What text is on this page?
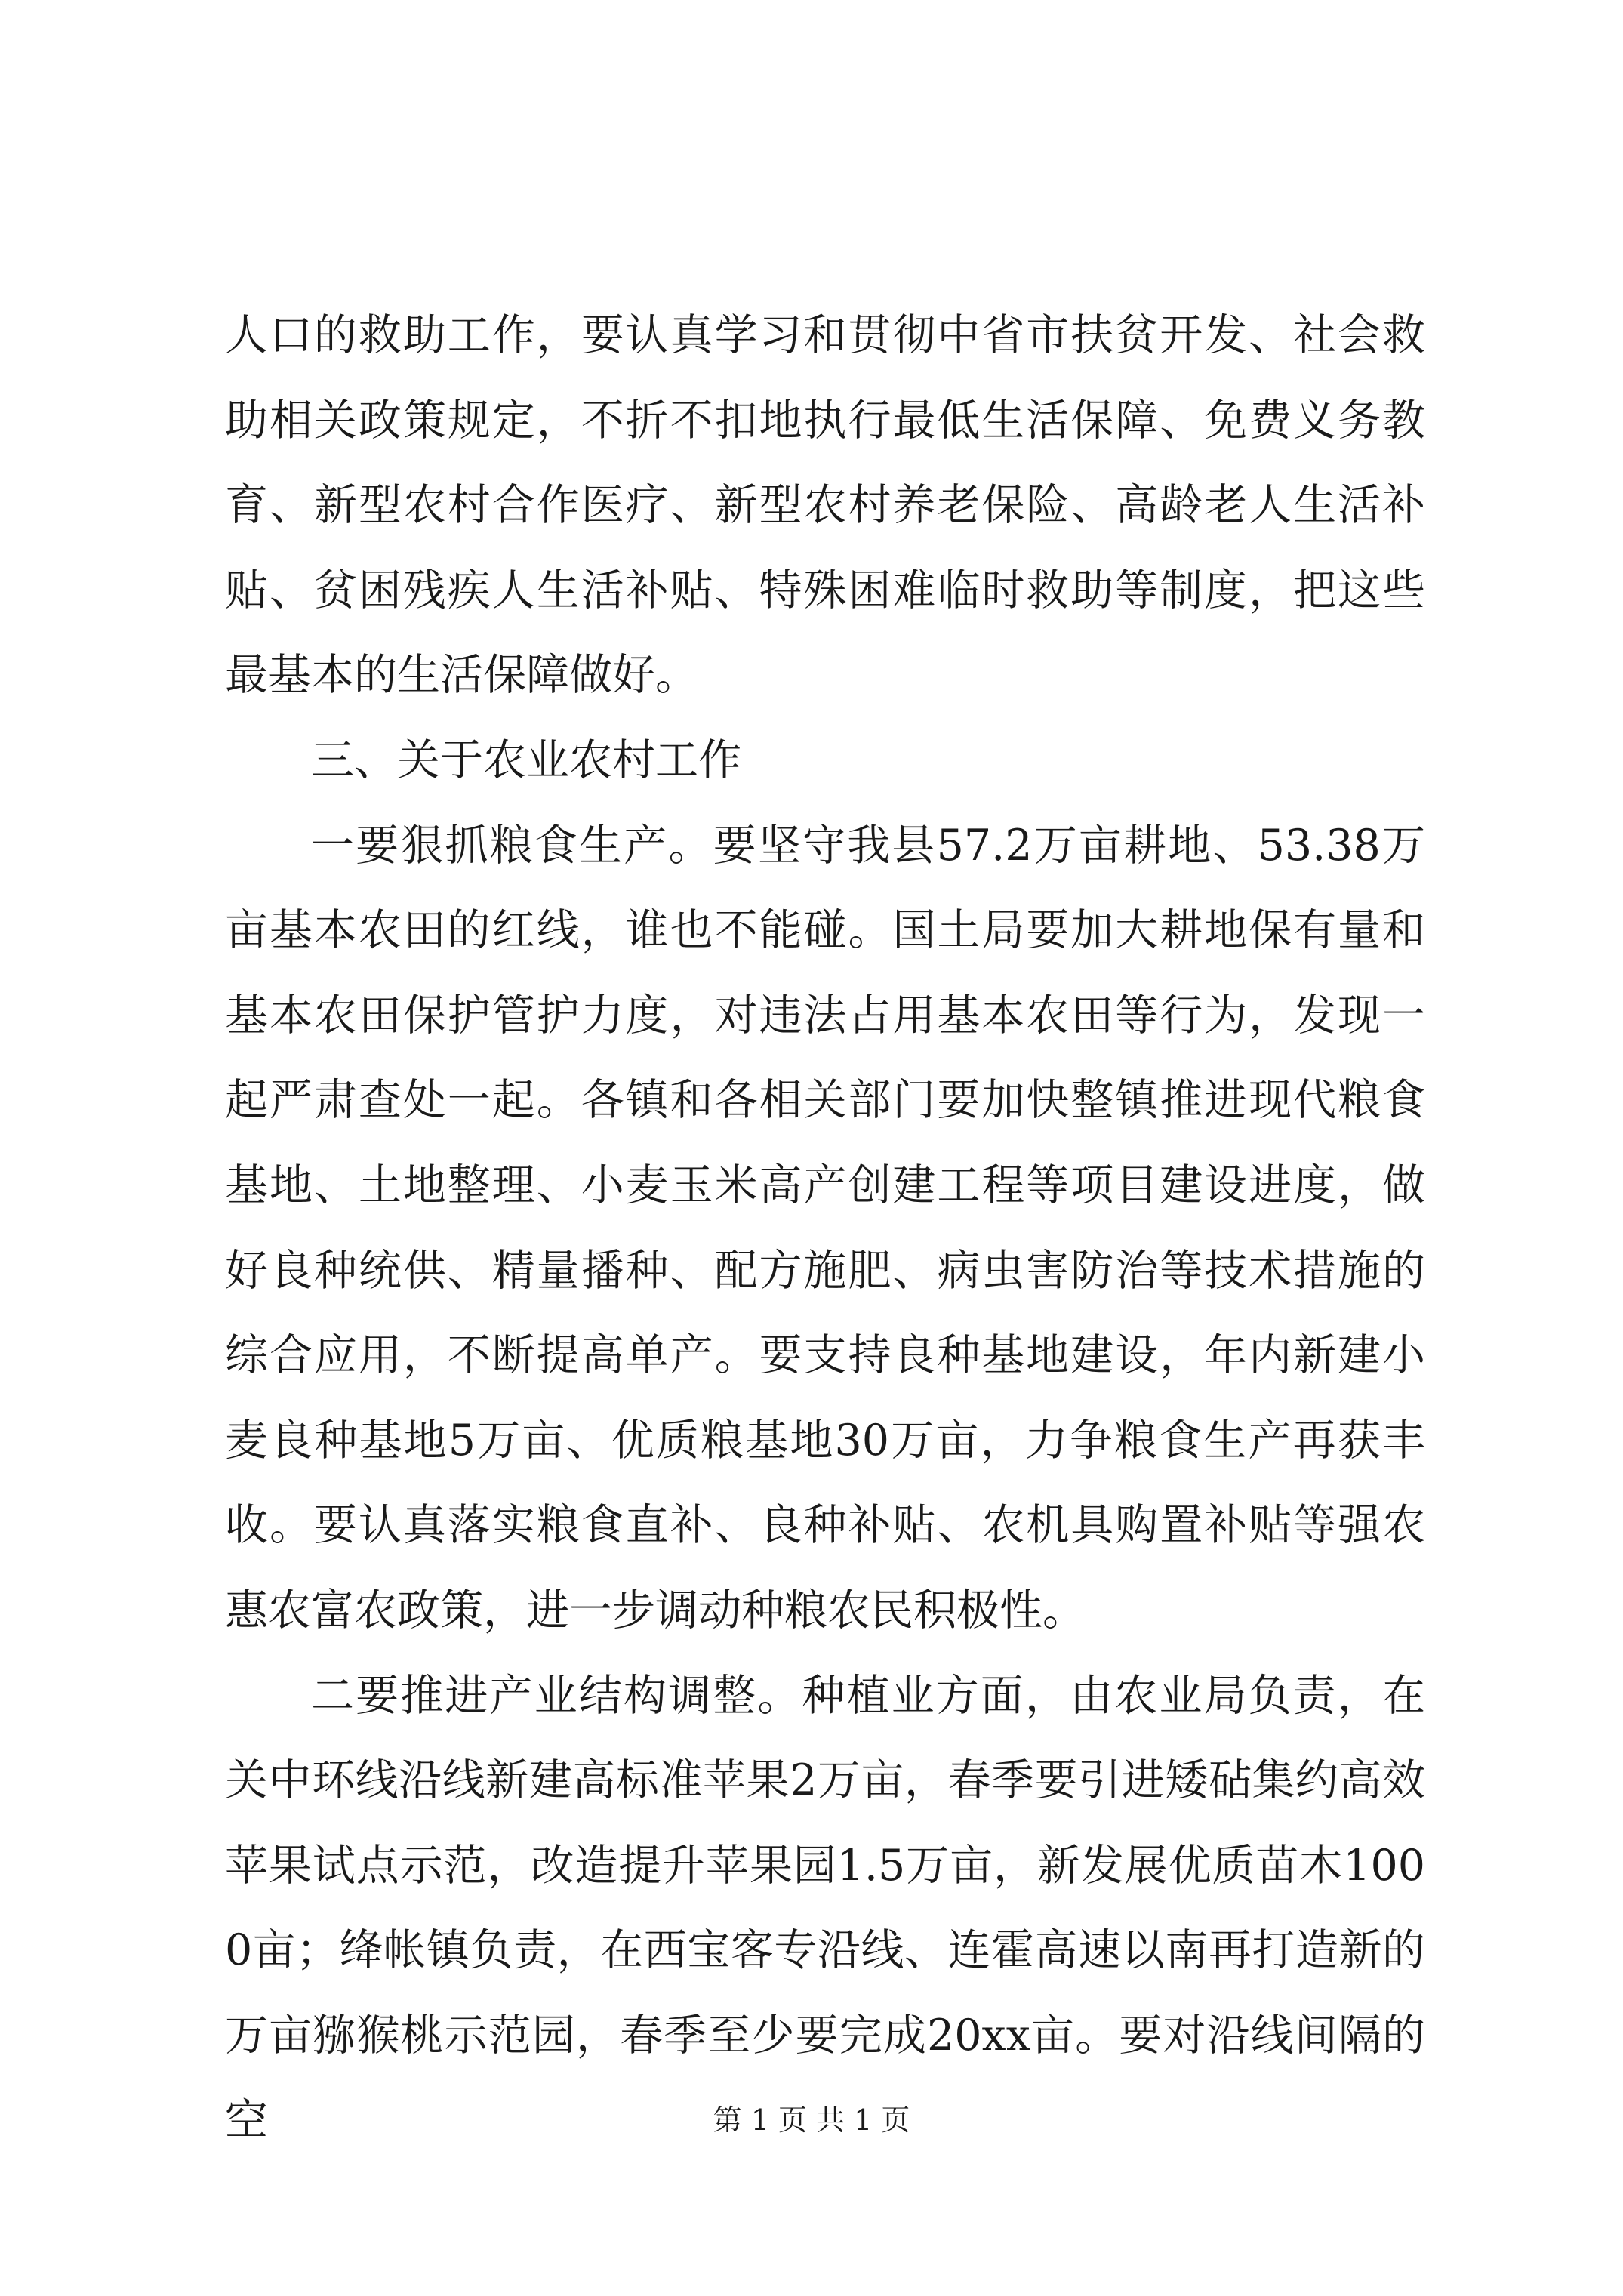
人口的救助工作，要认真学习和贯彻中省市扶贫开发、社会救助相关政策规定，不折不扣地执行最低生活保障、免费义务教育、新型农村合作医疗、新型农村养老保险、高龄老人生活补贴、贫困残疾人生活补贴、特殊困难临时救助等制度，把这些最基本的生活保障做好。

三、关于农业农村工作

一要狠抓粮食生产。要坚守我县57.2万亩耕地、53.38万亩基本农田的红线，谁也不能碰。国土局要加大耕地保有量和基本农田保护管护力度，对违法占用基本农田等行为，发现一起严肃查处一起。各镇和各相关部门要加快整镇推进现代粮食基地、土地整理、小麦玉米高产创建工程等项目建设进度，做好良种统供、精量播种、配方施肥、病虫害防治等技术措施的综合应用，不断提高单产。要支持良种基地建设，年内新建小麦良种基地5万亩、优质粮基地30万亩，力争粮食生产再获丰收。要认真落实粮食直补、良种补贴、农机具购置补贴等强农惠农富农政策，进一步调动种粮农民积极性。

二要推进产业结构调整。种植业方面，由农业局负责，在关中环线沿线新建高标准苹果2万亩，春季要引进矮砧集约高效苹果试点示范，改造提升苹果园1.5万亩，新发展优质苗木1000亩；绛帐镇负责，在西宝客专沿线、连霍高速以南再打造新的万亩猕猴桃示范园，春季至少要完成20xx亩。要对沿线间隔的空	第 1 页 共 1 页
